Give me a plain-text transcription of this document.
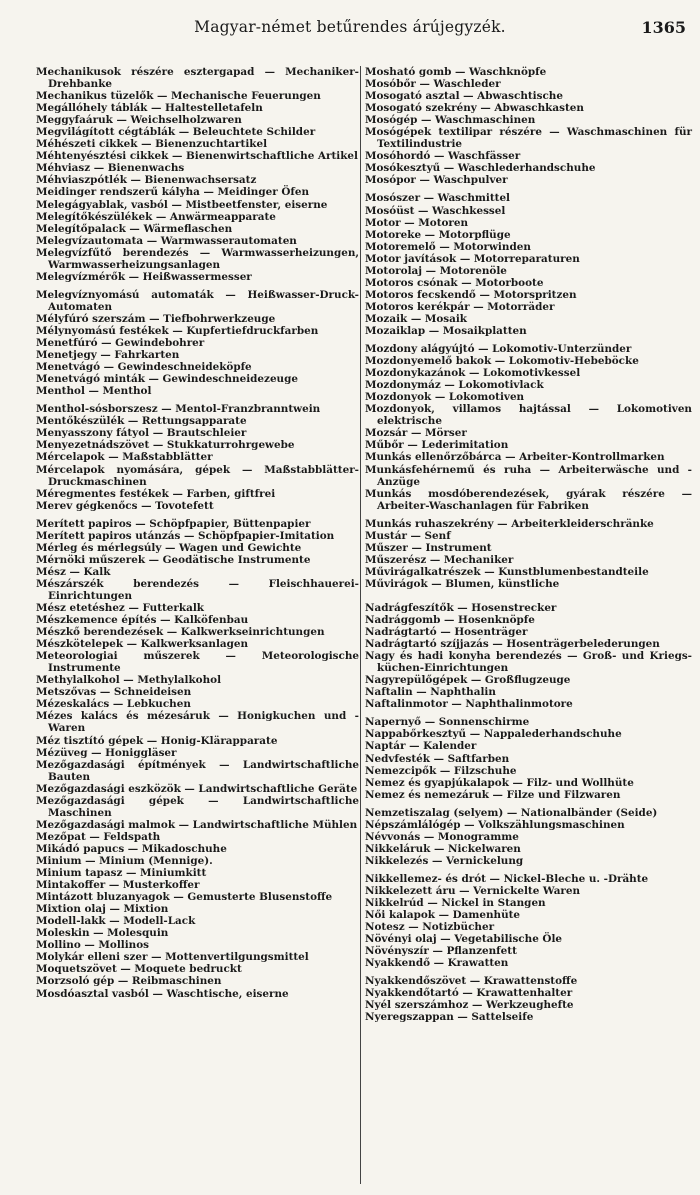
Magyar-német betűrendes árújegyzék.	1365

Mechanikusok részére esztergapad — Mechaniker-Drehbanke

Mechanikus tüzelők — Mechanische Feuerungen

Megállóhely táblák — Haltestelletafeln

Meggyfaáruk — Weichselholzwaren

Megvilágított cégtáblák — Beleuchtete Schilder

Méhészeti cikkek — Bienenzuchtartikel

Méhtenyésztési cikkek — Bienenwirtschaftliche Artikel

Méhviasz — Bienenwachs

Méhviaszpótlék — Bienenwachsersatz

Meidinger rendszerű kályha — Meidinger Öfen

Melegágyablak, vasból — Mistbeetfenster, eiserne

Melegítőkészülékek — Anwärmeapparate

Melegítőpalack — Wärmeflaschen

Melegvízautomata — Warmwasserautomaten

Melegvízfűtő berendezés — Warmwasserheizungen, Warmwasserheizungsanlagen

Melegvízmérők — Heißwassermesser

Melegvíznyomású automaták — Heißwasser-Druck-Automaten

Mélyfúró szerszám — Tiefbohrwerkzeuge

Mélynyomású festékek — Kupfertiefdruckfarben

Menetfúró — Gewindebohrer

Menetjegy — Fahrkarten

Menetvágó — Gewindeschneideköpfe

Menetvágó minták — Gewindeschneidezeuge

Menthol — Menthol

Menthol-sósborszesz — Mentol-Franzbranntwein

Mentőkészülék — Rettungsapparate

Menyasszony fátyol — Brautschleier

Menyezetnádszövet — Stukkaturrohrgewebe

Mércelapok — Maßstabblätter

Mércelapok nyomására, gépek — Maßstabblätter-Druckmaschinen

Méregmentes festékek — Farben, giftfrei

Merev gégkenőcs — Tovotefett

Merített papiros — Schöpfpapier, Büttenpapier

Merített papiros utánzás — Schöpfpapier-Imitation

Mérleg és mérlegsúly — Wagen und Gewichte

Mérnöki műszerek — Geodätische Instrumente

Mész — Kalk

Mészárszék berendezés — Fleischhauerei-Einrichtungen

Mész etetéshez — Futterkalk

Mészkemence építés — Kalköfenbau

Mészkő berendezések — Kalkwerkseinrichtungen

Mészkötelepek — Kalkwerksanlagen

Meteorologiai műszerek — Meteorologische Instrumente

Methylalkohol — Methylalkohol

Metszővas — Schneideisen

Mézeskalács — Lebkuchen

Mézes kalács és mézesáruk — Honigkuchen und -Waren

Méz tisztító gépek — Honig-Klärapparate

Mézüveg — Honiggläser

Mezőgazdasági építmények — Landwirtschaftliche Bauten

Mezőgazdasági eszközök — Landwirtschaftliche Geräte

Mezőgazdasági gépek — Landwirtschaftliche Maschinen

Mezőgazdasági malmok — Landwirtschaftliche Mühlen

Mezőpat — Feldspath

Mikádó papucs — Mikadoschuhe

Minium — Minium (Mennige).

Minium tapasz — Miniumkitt

Mintakoffer — Musterkoffer

Mintázott bluzanyagok — Gemusterte Blusenstoffe

Mixtion olaj — Mixtion

Modell-lakk — Modell-Lack

Moleskin — Molesquin

Mollino — Mollinos

Molykár elleni szer — Mottenvertilgungsmittel

Moquetszövet — Moquete bedruckt

Morzsoló gép — Reibmaschinen

Mosdóasztal vasból — Waschtische, eiserne

Mosható gomb — Waschknöpfe

Mosóbőr — Waschleder

Mosogató asztal — Abwaschtische

Mosogató szekrény — Abwaschkasten

Mosógép — Waschmaschinen

Mosógépek textilipar részére — Waschmaschinen für Textilindustrie

Mosóhordó — Waschfässer

Mosókesztyű — Waschlederhandschuhe

Mosópor — Waschpulver

Mosószer — Waschmittel

Mosóüst — Waschkessel

Motor — Motoren

Motoreke — Motorpflüge

Motoremelő — Motorwinden

Motor javítások — Motorreparaturen

Motorolaj — Motorenöle

Motoros csónak — Motorboote

Motoros fecskendő — Motorspritzen

Motoros kerékpár — Motorräder

Mozaik — Mosaik

Mozaiklap — Mosaikplatten

Mozdony alágyújtó — Lokomotiv-Unterzünder

Mozdonyemelő bakok — Lokomotiv-Hebeböcke

Mozdonykazánok — Lokomotivkessel

Mozdonymáz — Lokomotivlack

Mozdonyok — Lokomotiven

Mozdonyok, villamos hajtással — Lokomotiven elektrische

Mozsár — Mörser

Műbőr — Lederimitation

Munkás ellenőrzőbárca — Arbeiter-Kontrollmarken

Munkásfehérnemű és ruha — Arbeiterwäsche und -Anzüge

Munkás mosdóberendezések, gyárak részére — Arbeiter-Waschanlagen für Fabriken

Munkás ruhaszekrény — Arbeiterkleiderschränke

Mustár — Senf

Műszer — Instrument

Műszerész — Mechaniker

Művirágalkatrészek — Kunstblumenbestandteile

Művirágok — Blumen, künstliche

Nadrágfeszítők — Hosenstrecker

Nadrággomb — Hosenknöpfe

Nadrágtartó — Hosenträger

Nadrágtartó szíjjazás — Hosenträgerbelederungen

Nagy és hadi konyha berendezés — Groß- und Kriegs-küchen-Einrichtungen

Nagyrepülőgépek — Großflugzeuge

Naftalin — Naphthalin

Naftalinmotor — Naphthalinmotore

Napernyő — Sonnenschirme

Nappabőrkesztyű — Nappalederhandschuhe

Naptár — Kalender

Nedvfesték — Saftfarben

Nemezcipők — Filzschuhe

Nemez és gyapjúkalapok — Filz- und Wollhüte

Nemez és nemezáruk — Filze und Filzwaren

Nemzetiszalag (selyem) — Nationalbänder (Seide)

Népszámlálógép — Volkszählungsmaschinen

Névvonás — Monogramme

Nikkeláruk — Nickelwaren

Nikkelezés — Vernickelung

Nikkellemez- és drót — Nickel-Bleche u. -Drähte

Nikkelezett áru — Vernickelte Waren

Nikkelrúd — Nickel in Stangen

Női kalapok — Damenhüte

Notesz — Notizbücher

Növényi olaj — Vegetabilische Öle

Növényszír — Pflanzenfett

Nyakkendő — Krawatten

Nyakkendőszövet — Krawattenstoffe

Nyakkendőtartó — Krawattenhalter

Nyél szerszámhoz — Werkzeughefte

Nyeregszappan — Sattelseife
